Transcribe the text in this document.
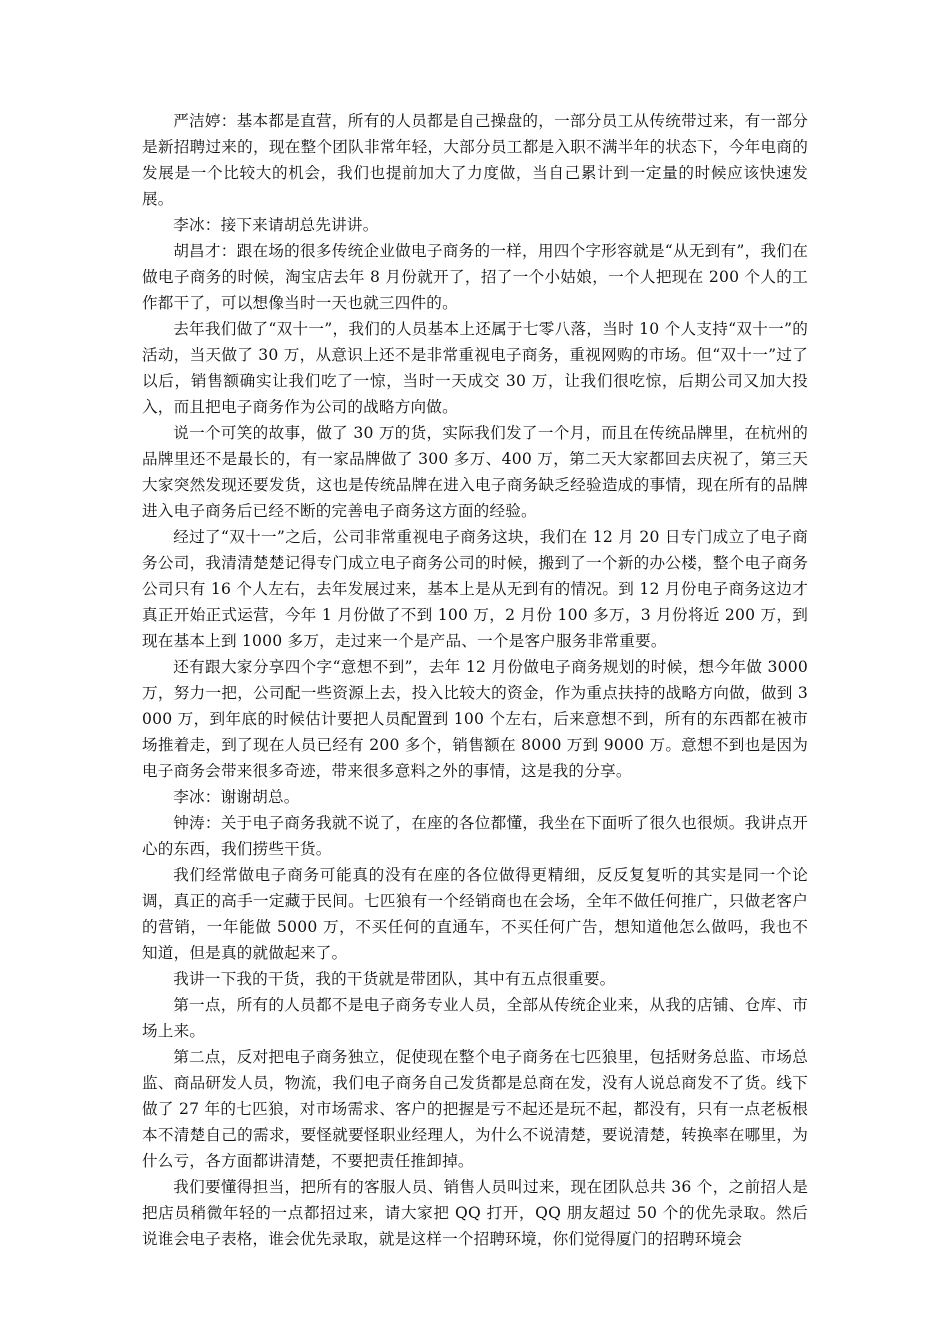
严洁婷：基本都是直营，所有的人员都是自己操盘的，一部分员工从传统带过来，有一部分是新招聘过来的，现在整个团队非常年轻，大部分员工都是入职不满半年的状态下，今年电商的发展是一个比较大的机会，我们也提前加大了力度做，当自己累计到一定量的时候应该快速发展。

李冰：接下来请胡总先讲讲。

胡昌才：跟在场的很多传统企业做电子商务的一样，用四个字形容就是“从无到有”，我们在做电子商务的时候，淘宝店去年 8 月份就开了，招了一个小姑娘，一个人把现在 200 个人的工作都干了，可以想像当时一天也就三四件的。

去年我们做了“双十一”，我们的人员基本上还属于七零八落，当时 10 个人支持“双十一”的活动，当天做了 30 万，从意识上还不是非常重视电子商务，重视网购的市场。但“双十一”过了以后，销售额确实让我们吃了一惊，当时一天成交 30 万，让我们很吃惊，后期公司又加大投入，而且把电子商务作为公司的战略方向做。

说一个可笑的故事，做了 30 万的货，实际我们发了一个月，而且在传统品牌里，在杭州的品牌里还不是最长的，有一家品牌做了 300 多万、400 万，第二天大家都回去庆祝了，第三天大家突然发现还要发货，这也是传统品牌在进入电子商务缺乏经验造成的事情，现在所有的品牌进入电子商务后已经不断的完善电子商务这方面的经验。

经过了“双十一”之后，公司非常重视电子商务这块，我们在 12 月 20 日专门成立了电子商务公司，我清清楚楚记得专门成立电子商务公司的时候，搬到了一个新的办公楼，整个电子商务公司只有 16 个人左右，去年发展过来，基本上是从无到有的情况。到 12 月份电子商务这边才真正开始正式运营，今年 1 月份做了不到 100 万，2 月份 100 多万，3 月份将近 200 万，到现在基本上到 1000 多万，走过来一个是产品、一个是客户服务非常重要。

还有跟大家分享四个字“意想不到”，去年 12 月份做电子商务规划的时候，想今年做 3000 万，努力一把，公司配一些资源上去，投入比较大的资金，作为重点扶持的战略方向做，做到 3000 万，到年底的时候估计要把人员配置到 100 个左右，后来意想不到，所有的东西都在被市场推着走，到了现在人员已经有 200 多个，销售额在 8000 万到 9000 万。意想不到也是因为电子商务会带来很多奇迹，带来很多意料之外的事情，这是我的分享。

李冰：谢谢胡总。

钟涛：关于电子商务我就不说了，在座的各位都懂，我坐在下面听了很久也很烦。我讲点开心的东西，我们捞些干货。

我们经常做电子商务可能真的没有在座的各位做得更精细，反反复复听的其实是同一个论调，真正的高手一定藏于民间。七匹狼有一个经销商也在会场，全年不做任何推广，只做老客户的营销，一年能做 5000 万，不买任何的直通车，不买任何广告，想知道他怎么做吗，我也不知道，但是真的就做起来了。

我讲一下我的干货，我的干货就是带团队，其中有五点很重要。

第一点，所有的人员都不是电子商务专业人员，全部从传统企业来，从我的店铺、仓库、市场上来。

第二点，反对把电子商务独立，促使现在整个电子商务在七匹狼里，包括财务总监、市场总监、商品研发人员，物流，我们电子商务自己发货都是总商在发，没有人说总商发不了货。线下做了 27 年的七匹狼，对市场需求、客户的把握是亏不起还是玩不起，都没有，只有一点老板根本不清楚自己的需求，要怪就要怪职业经理人，为什么不说清楚，要说清楚，转换率在哪里，为什么亏，各方面都讲清楚，不要把责任推卸掉。

我们要懂得担当，把所有的客服人员、销售人员叫过来，现在团队总共 36 个，之前招人是把店员稍微年轻的一点都招过来，请大家把 QQ 打开，QQ 朋友超过 50 个的优先录取。然后说谁会电子表格，谁会优先录取，就是这样一个招聘环境，你们觉得厦门的招聘环境会
